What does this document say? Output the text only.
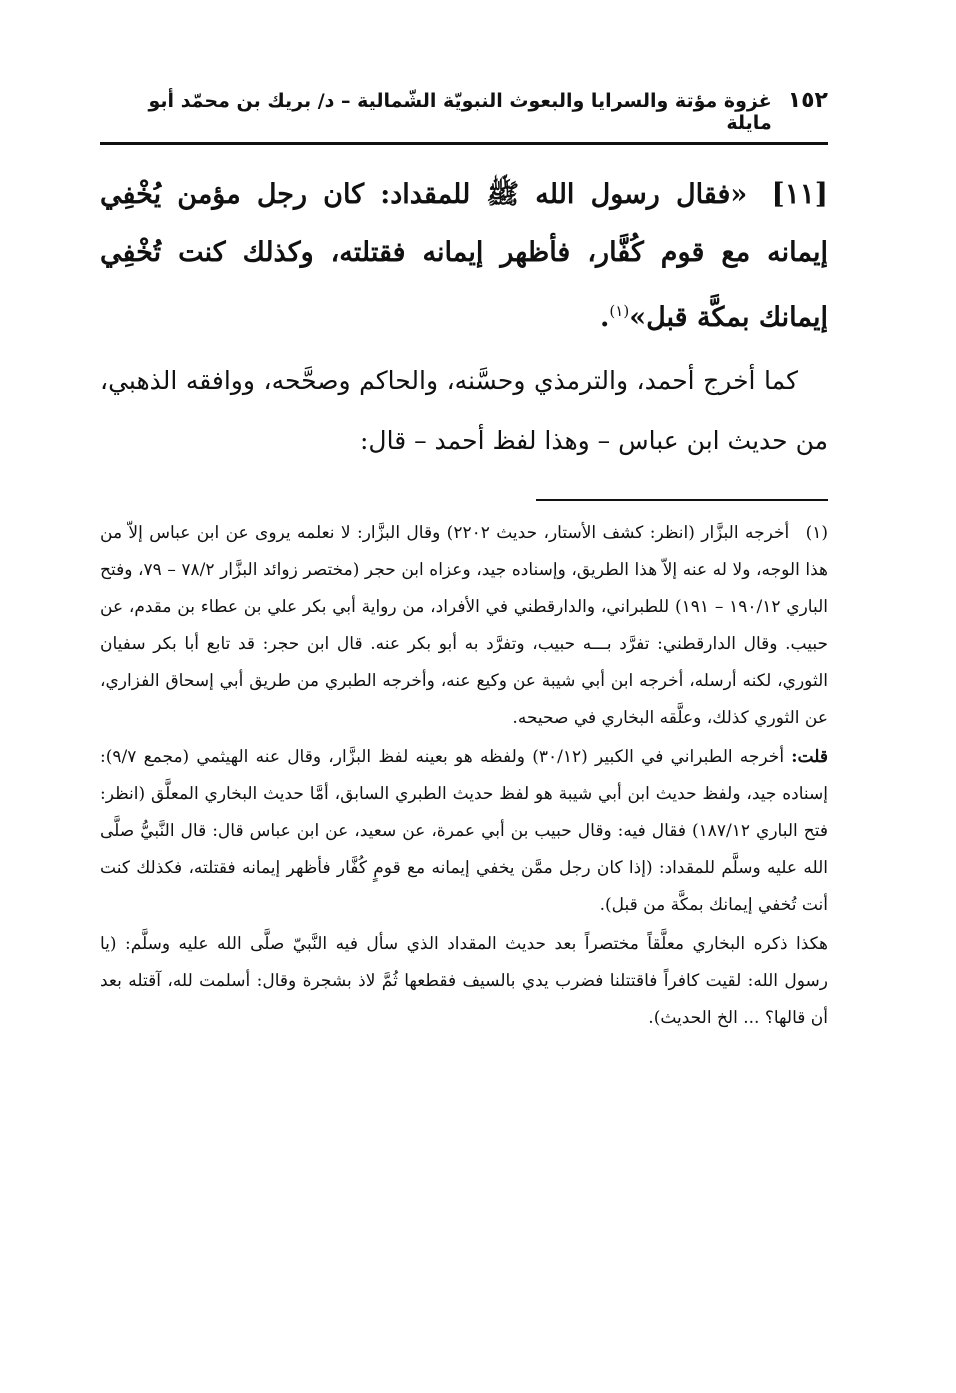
١٥٢
غزوة مؤتة والسرايا والبعوث النبويّة الشّمالية – د/ بريك بن محمّد أبو مايلة
[١١] «فقال رسول الله ﷺ للمقداد: كان رجل مؤمن يُخْفِي إيمانه مع قوم كُفَّار، فأظهر إيمانه فقتلته، وكذلك كنت تُخْفِي إيمانك بمكَّة قبل»$^{(١)}$.
كما أخرج أحمد، والترمذي وحسَّنه، والحاكم وصحَّحه، ووافقه الذهبي، من حديث ابن عباس – وهذا لفظ أحمد – قال:
(١) أخرجه البزَّار (انظر: كشف الأستار، حديث ٢٢٠٢) وقال البزَّار: لا نعلمه يروى عن ابن عباس إلاّ من هذا الوجه، ولا له عنه إلاّ هذا الطريق، وإسناده جيد، وعزاه ابن حجر (مختصر زوائد البزَّار ٧٨/٢ – ٧٩، وفتح الباري ١٩٠/١٢ – ١٩١) للطبراني، والدارقطني في الأفراد، من رواية أبي بكر علي بن عطاء بن مقدم، عن حبيب. وقال الدارقطني: تفرَّد بـــه حبيب، وتفرَّد به أبو بكر عنه. قال ابن حجر: قد تابع أبا بكر سفيان الثوري، لكنه أرسله، أخرجه ابن أبي شيبة عن وكيع عنه، وأخرجه الطبري من طريق أبي إسحاق الفزاري، عن الثوري كذلك، وعلَّقه البخاري في صحيحه.
قلت: أخرجه الطبراني في الكبير (٣٠/١٢) ولفظه هو بعينه لفظ البزَّار، وقال عنه الهيثمي (مجمع ٩/٧): إسناده جيد، ولفظ حديث ابن أبي شيبة هو لفظ حديث الطبري السابق، أمَّا حديث البخاري المعلَّق (انظر: فتح الباري ١٨٧/١٢) فقال فيه: وقال حبيب بن أبي عمرة، عن سعيد، عن ابن عباس قال: قال النَّبيُّ صلَّى الله عليه وسلَّم للمقداد: (إذا كان رجل ممَّن يخفي إيمانه مع قومٍ كُفَّار فأظهر إيمانه فقتلته، فكذلك كنت أنت تُخفي إيمانك بمكَّة من قبل).
هكذا ذكره البخاري معلَّقاً مختصراً بعد حديث المقداد الذي سأل فيه النَّبيّ صلَّى الله عليه وسلَّم: (يا رسول الله: لقيت كافراً فاقتتلنا فضرب يدي بالسيف فقطعها ثُمَّ لاذ بشجرة وقال: أسلمت لله، آقتله بعد أن قالها؟ ... الخ الحديث).
